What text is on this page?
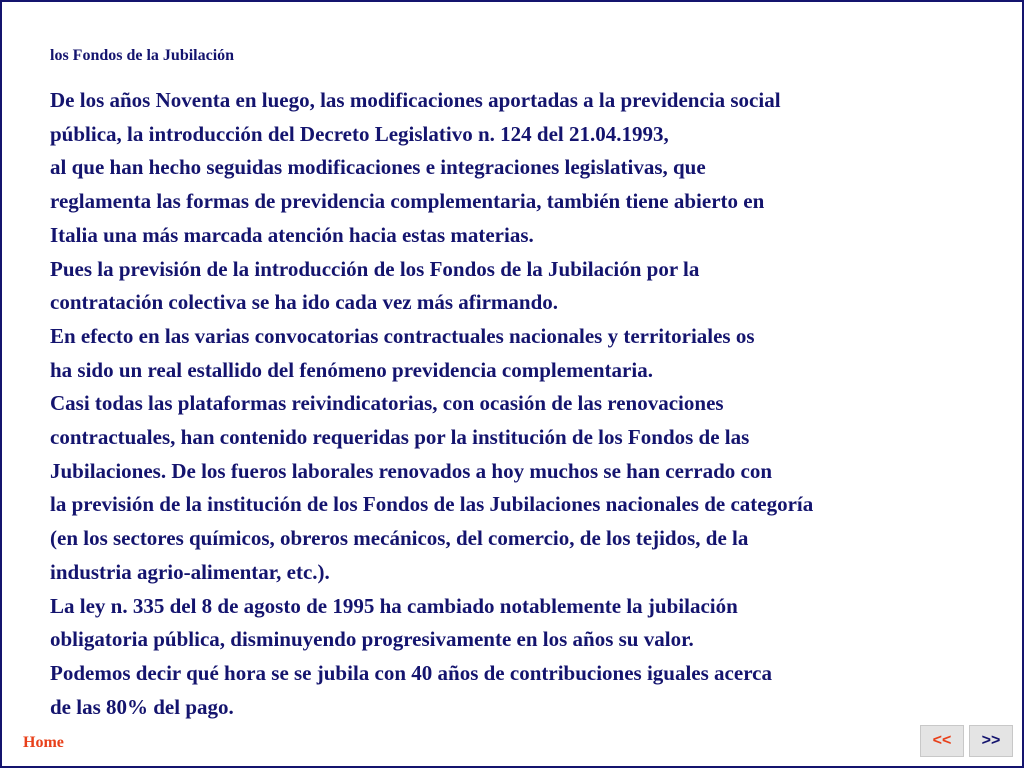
los Fondos de la Jubilación
De los años Noventa en luego, las modificaciones aportadas a la previdencia social
pública, la introducción del Decreto Legislativo n. 124 del 21.04.1993,
al que han hecho seguidas modificaciones e integraciones legislativas, que
reglamenta las formas de previdencia complementaria, también tiene abierto en
Italia una más marcada atención hacia estas materias.
Pues la previsión de la introducción de los Fondos de la Jubilación por la
contratación colectiva se ha ido cada vez más afirmando.
En efecto en las varias convocatorias contractuales nacionales y territoriales os
ha sido un real estallido del fenómeno previdencia complementaria.
Casi todas las plataformas reivindicatorias, con ocasión de las renovaciones
contractuales, han contenido requeridas por la institución de los Fondos de las
Jubilaciones. De los fueros laborales renovados a hoy muchos se han cerrado con
la previsión de la institución de los Fondos de las Jubilaciones nacionales de categoría
(en los sectores químicos, obreros mecánicos, del comercio, de los tejidos, de la
industria agrio-alimentar, etc.).
La ley n. 335 del 8 de agosto de 1995 ha cambiado notablemente la jubilación
obligatoria pública, disminuyendo progresivamente en los años su valor.
Podemos decir qué hora se se jubila con 40 años de contribuciones iguales acerca
de las 80% del pago.
Home	<<	>>
